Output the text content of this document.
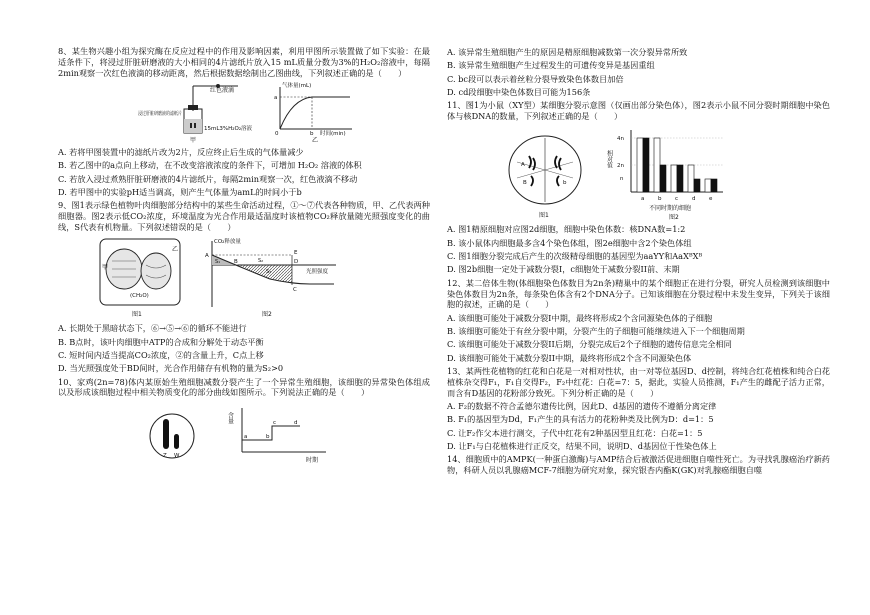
8、某生物兴趣小组为探究酶在反应过程中的作用及影响因素，利用甲图所示装置做了如下实验：在最适条件下，将浸过肝脏研磨液的大小相同的4片滤纸片放入15 mL质量分数为3%的H₂O₂溶液中，每隔2min观察一次红色液滴的移动距离，然后根据数据绘制出乙图曲线，下列叙述正确的是（　　）

红色液滴
浸过肝脏研磨液的滤纸片
15mL3%H₂O₂溶液
甲
气体量(mL)
a
b
0	时间(min)
乙

A. 若将甲图装置中的滤纸片改为2片，反应终止后生成的气体量减少

B. 若乙图中的a点向上移动，在不改变溶液浓度的条件下，可增加 H₂O₂ 溶液的体积

C. 若放入浸过煮熟肝脏研磨液的4片滤纸片，每隔2min观察一次，红色液滴不移动

D. 若甲图中的实验pH适当调高，则产生气体量为amL的时间小于b

9、图1表示绿色植物叶肉细胞部分结构中的某些生命活动过程，①～⑦代表各种物质，甲、乙代表两种细胞器。图2表示低CO₂浓度，环境温度为光合作用最适温度时该植物CO₂释放量随光照强度变化的曲线，S代表有机物量。下列叙述错误的是（　　）

甲
乙
(CH₂O)
图1
CO₂释放量
光照强度
A
B
C
D
E
S₁	S₂
S₃
图2

A. 长期处于黑暗状态下，⑥→⑤→⑥的循环不能进行

B. B点时，该叶肉细胞中ATP的合成和分解处于动态平衡

C. 短时间内适当提高CO₂浓度，②的含量上升，C点上移

D. 当光照强度处于BD间时，光合作用储存有机物的量为S₂>0

10、家鸡(2n=78)体内某原始生殖细胞减数分裂产生了一个异常生殖细胞，该细胞的异常染色体组成以及形成该细胞过程中相关物质变化的部分曲线如图所示。下列说法正确的是（　　）

Z W
含量
时期
a	b
c	d

A. 该异常生殖细胞产生的原因是精原细胞减数第一次分裂异常所致

B. 该异常生殖细胞产生过程发生的可遗传变异是基因重组

C. bc段可以表示着丝粒分裂导致染色体数目加倍

D. cd段细胞中染色体数目可能为156条

11、图1为小鼠（XY型）某细胞分裂示意图（仅画出部分染色体），图2表示小鼠不同分裂时期细胞中染色体与核DNA的数量，下列叙述正确的是（　　）

A
B	b
图1
4n
2n
n
相对值
a b c	d e
不同时期的细胞
图2

A. 图1精原细胞对应图2d细胞，细胞中染色体数：核DNA数=1:2

B. 该小鼠体内细胞最多含4个染色体组，图2e细胞中含2个染色体组

C. 图1细胞分裂完成后产生的次级精母细胞的基因型为aaYY和AaXᴮXᴮ

D. 图2b细胞一定处于减数分裂I，c细胞处于减数分裂II前、末期

12、某二倍体生物(体细胞染色体数目为2n条)精巢中的某个细胞正在进行分裂，研究人员检测到该细胞中染色体数目为2n条，每条染色体含有2个DNA分子。已知该细胞在分裂过程中未发生变异，下列关于该细胞的叙述，正确的是（　　）

A. 该细胞可能处于减数分裂I中期，最终将形成2个含同源染色体的子细胞

B. 该细胞可能处于有丝分裂中期，分裂产生的子细胞可能继续进入下一个细胞周期

C. 该细胞可能处于减数分裂II后期，分裂完成后2个子细胞的遗传信息完全相同

D. 该细胞可能处于减数分裂II中期，最终将形成2个含不同源染色体

13、某两性花植物的红花和白花是一对相对性状，由一对等位基因D、d控制，将纯合红花植株和纯合白花植株杂交得F₁，F₁自交得F₂，F₂中红花：白花=7：5，据此，实验人员推测，F₁产生的雌配子活力正常，而含有D基因的花粉部分致死。下列分析正确的是（　　）

A. F₂的数据不符合孟德尔遗传比例，因此D、d基因的遗传不遵循分离定律

B. F₁的基因型为Dd，F₁产生的具有活力的花粉种类及比例为D：d=1：5

C. 让F₂作父本进行测交，子代中红花有2种基因型且红花：白花=1：5

D. 让F₁与白花植株进行正反交，结果不同，说明D、d基因位于性染色体上

14、细胞质中的AMPK(一种蛋白激酶)与AMP结合后被激活促进细胞自噬性死亡。为寻找乳腺癌治疗新药物，科研人员以乳腺癌MCF-7细胞为研究对象，探究银杏内酯K(GK)对乳腺癌细胞自噬
